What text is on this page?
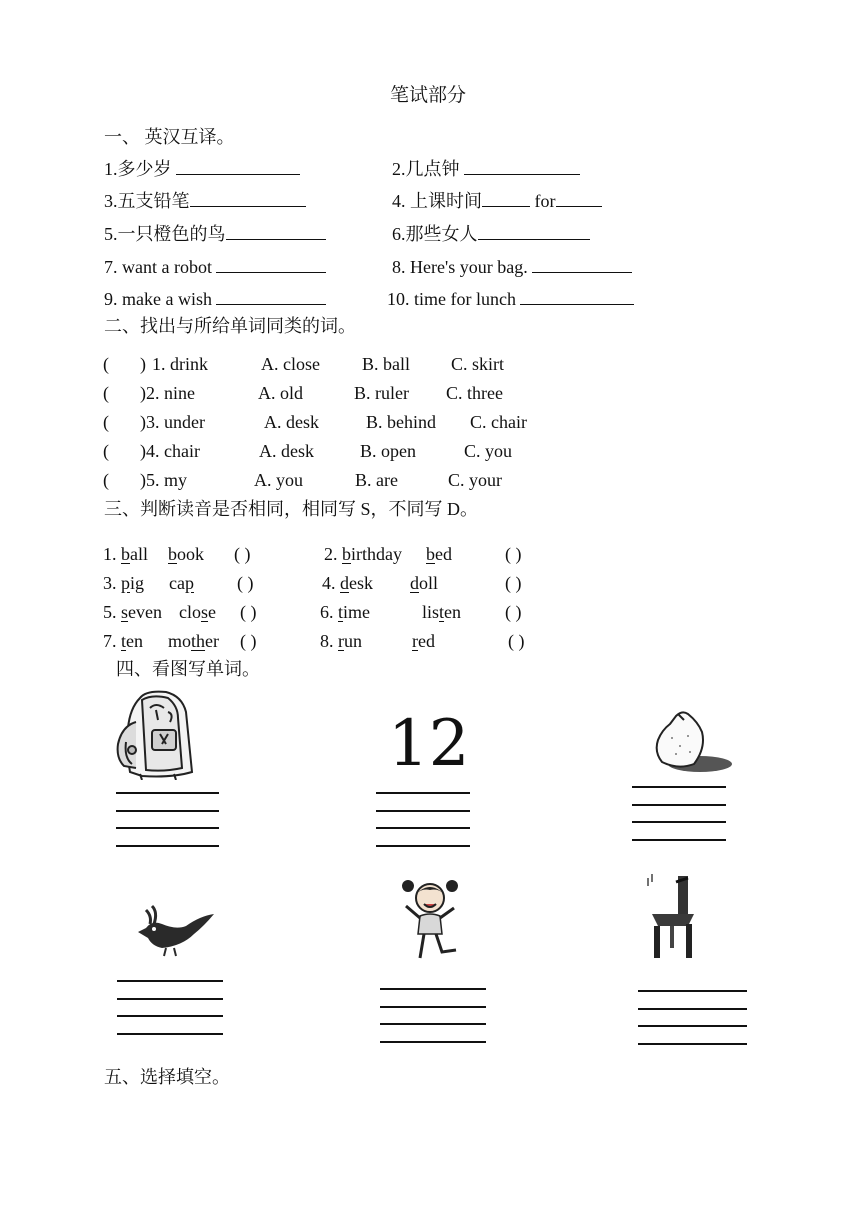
笔试部分
一、 英汉互译。
1.多少岁	2.几点钟
3.五支铅笔	4. 上课时间	for
5.一只橙色的鸟	6.那些女人
7. want a robot	8. Here's your bag.
9. make a wish	10. time for lunch
二、找出与所给单词同类的词。
( ) 1. drink	A. close B. ball C. skirt
( ) 2. nine	A. old	B. ruler C. three
( ) 3. under	A. desk	B. behind C. chair
( ) 4. chair	A. desk	B. open	C. you
( ) 5. my	A. you	B. are	C. your
三、判断读音是否相同，相同写 S，不同写 D。
1. ball book ( )	2. birthday bed	( )
3. pig cap ( )	4. desk doll	( )
5. seven close ( )	6. time	listen ( )
7. ten mother ( )	8. run	red	( )
四、看图写单词。
12
五、选择填空。
